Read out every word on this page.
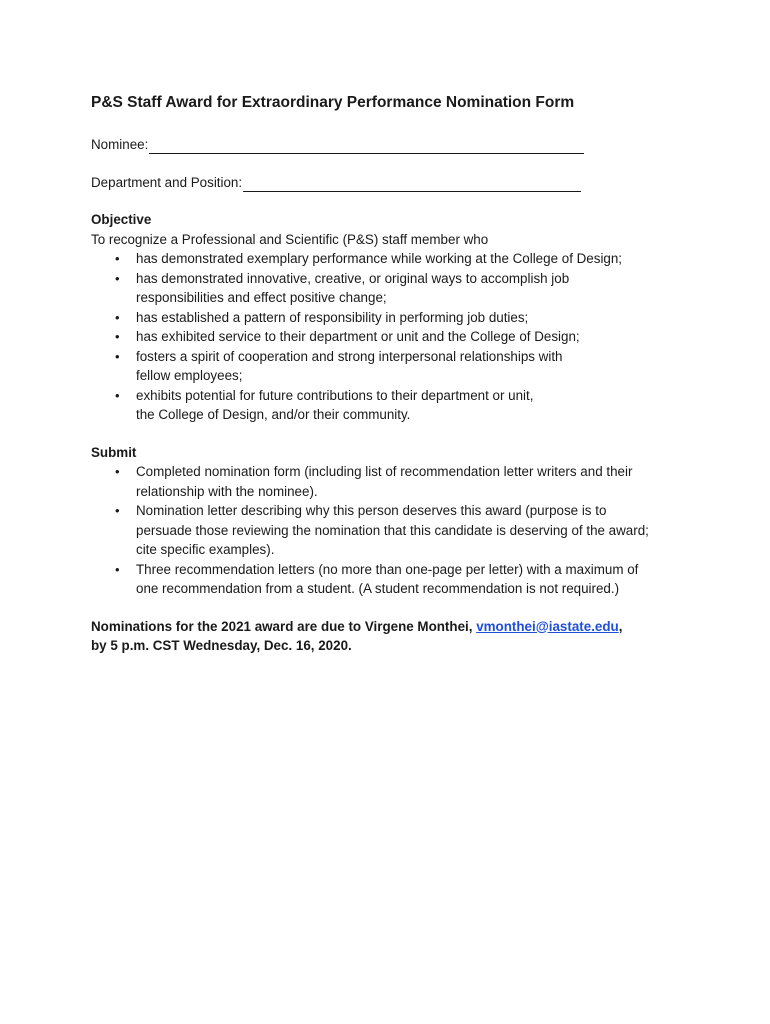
P&S Staff Award for Extraordinary Performance Nomination Form
Nominee:
Department and Position:

Objective

To recognize a Professional and Scientific (P&S) staff member who

• has demonstrated exemplary performance while working at the College of Design;
• has demonstrated innovative, creative, or original ways to accomplish job
responsibilities and effect positive change;
• has established a pattern of responsibility in performing job duties;
• has exhibited service to their department or unit and the College of Design;
• fosters a spirit of cooperation and strong interpersonal relationships with
fellow employees;
• exhibits potential for future contributions to their department or unit,
the College of Design, and/or their community.

Submit

• Completed nomination form (including list of recommendation letter writers and their
relationship with the nominee).
• Nomination letter describing why this person deserves this award (purpose is to
persuade those reviewing the nomination that this candidate is deserving of the award;
cite specific examples).
• Three recommendation letters (no more than one-page per letter) with a maximum of
one recommendation from a student. (A student recommendation is not required.)
Nominations for the 2021 award are due to Virgene Monthei, vmonthei@iastate.edu,
by 5 p.m. CST Wednesday, Dec. 16, 2020.
